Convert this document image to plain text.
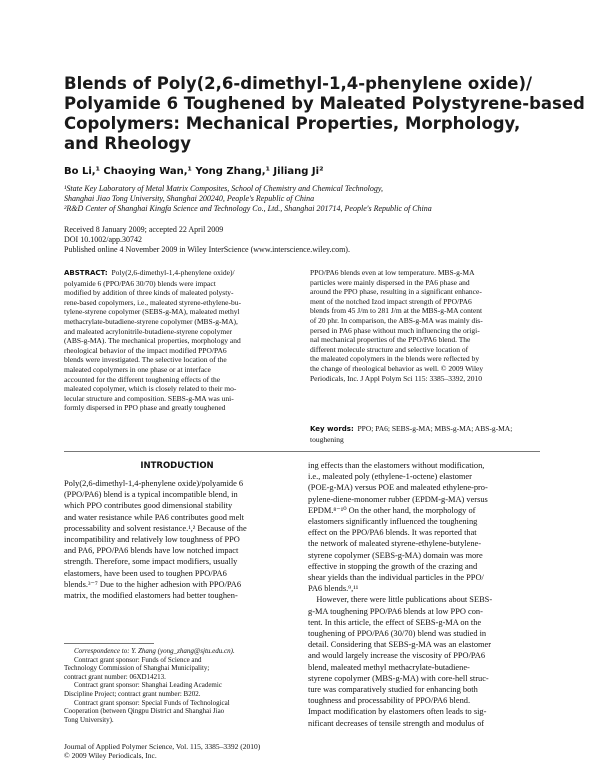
Blends of Poly(2,6-dimethyl-1,4-phenylene oxide)/
Polyamide 6 Toughened by Maleated Polystyrene-based
Copolymers: Mechanical Properties, Morphology,
and Rheology
Bo Li,¹ Chaoying Wan,¹ Yong Zhang,¹ Jiliang Ji²
¹State Key Laboratory of Metal Matrix Composites, School of Chemistry and Chemical Technology,
Shanghai Jiao Tong University, Shanghai 200240, People's Republic of China
²R&D Center of Shanghai Kingfa Science and Technology Co., Ltd., Shanghai 201714, People's Republic of China
Received 8 January 2009; accepted 22 April 2009
DOI 10.1002/app.30742
Published online 4 November 2009 in Wiley InterScience (www.interscience.wiley.com).
ABSTRACT: Poly(2,6-dimethyl-1,4-phenylene oxide)/
polyamide 6 (PPO/PA6 30/70) blends were impact
modified by addition of three kinds of maleated polysty-
rene-based copolymers, i.e., maleated styrene-ethylene-bu-
tylene-styrene copolymer (SEBS-g-MA), maleated methyl
methacrylate-butadiene-styrene copolymer (MBS-g-MA),
and maleated acrylonitrile-butadiene-styrene copolymer
(ABS-g-MA). The mechanical properties, morphology and
rheological behavior of the impact modified PPO/PA6
blends were investigated. The selective location of the
maleated copolymers in one phase or at interface
accounted for the different toughening effects of the
maleated copolymer, which is closely related to their mo-
lecular structure and composition. SEBS-g-MA was uni-
formly dispersed in PPO phase and greatly toughened
PPO/PA6 blends even at low temperature. MBS-g-MA
particles were mainly dispersed in the PA6 phase and
around the PPO phase, resulting in a significant enhance-
ment of the notched Izod impact strength of PPO/PA6
blends from 45 J/m to 281 J/m at the MBS-g-MA content
of 20 phr. In comparison, the ABS-g-MA was mainly dis-
persed in PA6 phase without much influencing the origi-
nal mechanical properties of the PPO/PA6 blend. The
different molecule structure and selective location of
the maleated copolymers in the blends were reflected by
the change of rheological behavior as well. © 2009 Wiley
Periodicals, Inc. J Appl Polym Sci 115: 3385–3392, 2010
Key words: PPO; PA6; SEBS-g-MA; MBS-g-MA; ABS-g-MA;
toughening
INTRODUCTION
Poly(2,6-dimethyl-1,4-phenylene oxide)/polyamide 6
(PPO/PA6) blend is a typical incompatible blend, in
which PPO contributes good dimensional stability
and water resistance while PA6 contributes good melt
processability and solvent resistance.¹,² Because of the
incompatibility and relatively low toughness of PPO
and PA6, PPO/PA6 blends have low notched impact
strength. Therefore, some impact modifiers, usually
elastomers, have been used to toughen PPO/PA6
blends.³⁻⁷ Due to the higher adhesion with PPO/PA6
matrix, the modified elastomers had better toughen-
ing effects than the elastomers without modification,
i.e., maleated poly (ethylene-1-octene) elastomer
(POE-g-MA) versus POE and maleated ethylene-pro-
pylene-diene-monomer rubber (EPDM-g-MA) versus
EPDM.⁸⁻¹⁰ On the other hand, the morphology of
elastomers significantly influenced the toughening
effect on the PPO/PA6 blends. It was reported that
the network of maleated styrene-ethylene-butylene-
styrene copolymer (SEBS-g-MA) domain was more
effective in stopping the growth of the crazing and
shear yields than the individual particles in the PPO/
PA6 blends.⁹,¹¹
However, there were little publications about SEBS-
g-MA toughening PPO/PA6 blends at low PPO con-
tent. In this article, the effect of SEBS-g-MA on the
toughening of PPO/PA6 (30/70) blend was studied in
detail. Considering that SEBS-g-MA was an elastomer
and would largely increase the viscosity of PPO/PA6
blend, maleated methyl methacrylate-butadiene-
styrene copolymer (MBS-g-MA) with core-hell struc-
ture was comparatively studied for enhancing both
toughness and processability of PPO/PA6 blend.
Impact modification by elastomers often leads to sig-
nificant decreases of tensile strength and modulus of
Correspondence to: Y. Zhang (yong_zhang@sjtu.edu.cn).
Contract grant sponsor: Funds of Science and
Technology Commission of Shanghai Municipality;
contract grant number: 06XD14213.
Contract grant sponsor: Shanghai Leading Academic
Discipline Project; contract grant number: B202.
Contract grant sponsor: Special Funds of Technological
Cooperation (between Qingpu District and Shanghai Jiao
Tong University).
Journal of Applied Polymer Science, Vol. 115, 3385–3392 (2010)
© 2009 Wiley Periodicals, Inc.
